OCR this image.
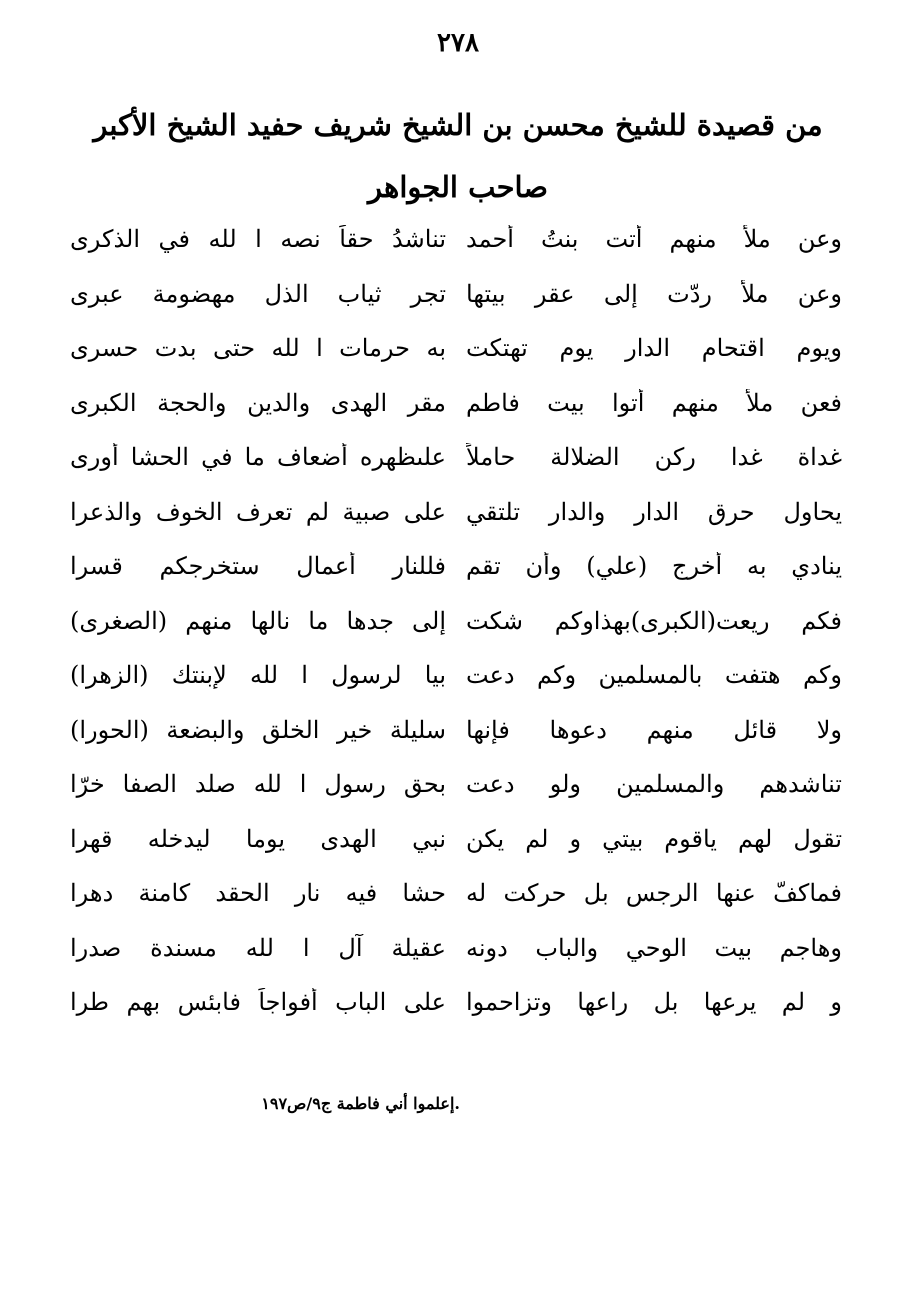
٢٧٨
من قصيدة للشيخ محسن بن الشيخ شريف حفيد الشيخ الأكبر صاحب الجواهر
وعن ملأ منهم أتت بنتُ أحمد
تناشدُ حقاً نصه ا لله في الذكرى
وعن ملأ ردّت إلى عقر بيتها
تجر ثياب الذل مهضومة عبرى
ويوم اقتحام الدار يوم تهتكت
به حرمات ا لله حتى بدت حسرى
فعن ملأ منهم أتوا بيت فاطم
مقر الهدى والدين والحجة الكبرى
غداة غدا ركن الضلالة حاملاً
علىظهره أضعاف ما في الحشا أورى
يحاول حرق الدار والدار تلتقي
على صبية لم تعرف الخوف والذعرا
ينادي به أخرج (علي) وأن تقم
فللنار أعمال ستخرجكم قسرا
فكم ريعت(الكبرى)بهذاوكم شكت
إلى جدها ما نالها منهم (الصغرى)
وكم هتفت بالمسلمين وكم دعت
بيا لرسول ا لله لإبنتك (الزهرا)
ولا قائل منهم دعوها فإنها
سليلة خير الخلق والبضعة (الحورا)
تناشدهم والمسلمين ولو دعت
بحق رسول ا لله صلد الصفا خرّا
تقول لهم ياقوم بيتي و لم يكن
نبي الهدى يوما ليدخله قهرا
فماكفّ عنها الرجس بل حركت له
حشا فيه نار الحقد كامنة دهرا
وهاجم بيت الوحي والباب دونه
عقيلة آل ا لله مسندة صدرا
و لم يرعها بل راعها وتزاحموا
على الباب أفواجاً فابئس بهم طرا
.إعلموا أني فاطمة ج٩/ص١٩٧
